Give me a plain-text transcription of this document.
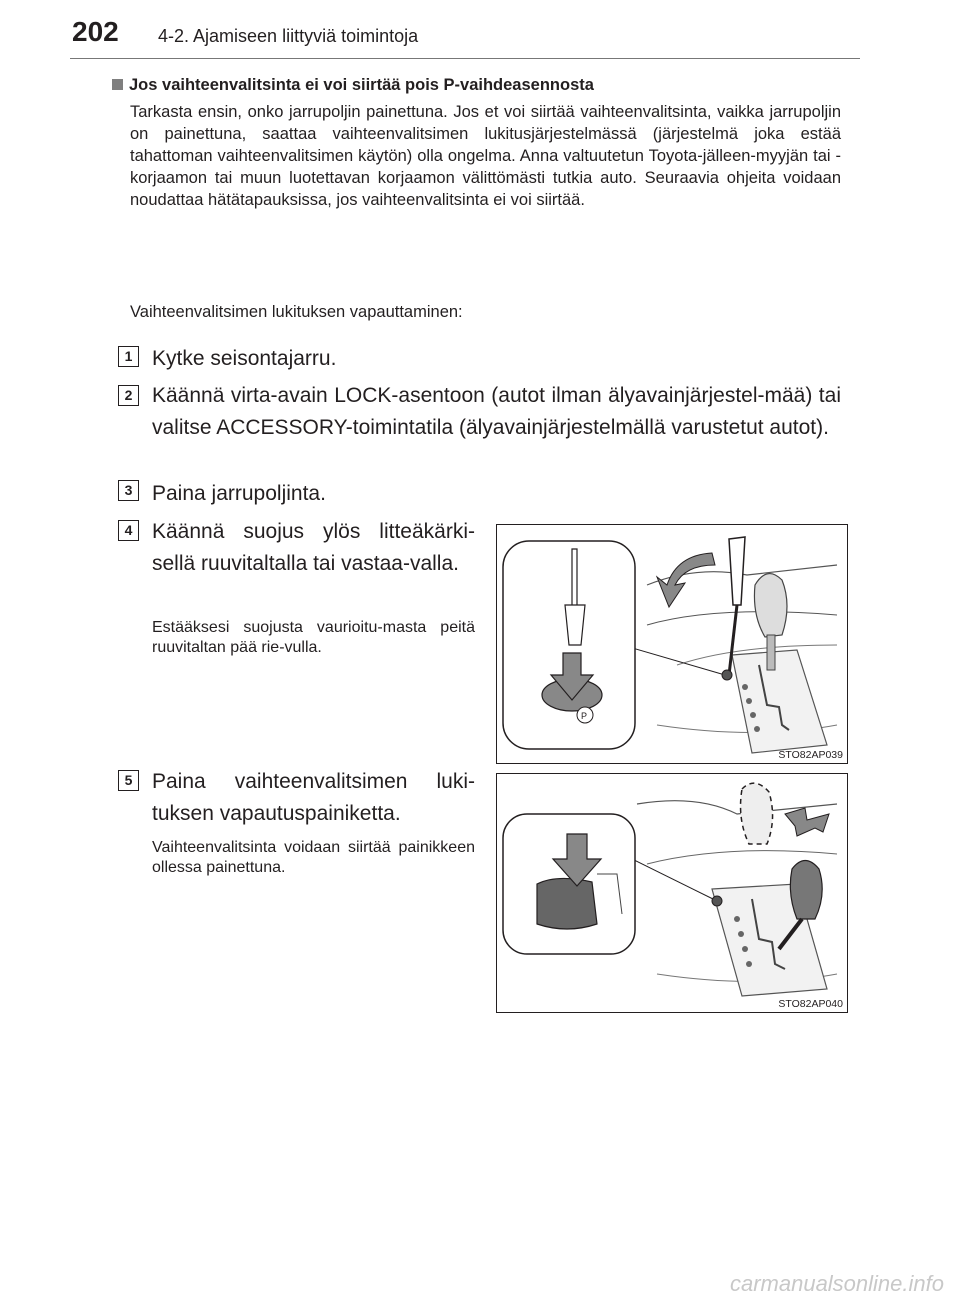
202 4-2. Ajamiseen liittyviä toimintoja
Jos vaihteenvalitsinta ei voi siirtää pois P-vaihdeasennosta
Tarkasta ensin, onko jarrupoljin painettuna. Jos et voi siirtää vaihteenvalitsinta, vaikka jarrupoljin on painettuna, saattaa vaihteenvalitsimen lukitusjärjestelmässä (järjestelmä joka estää tahattoman vaihteenvalitsimen käytön) olla ongelma. Anna valtuutetun Toyota-jälleen-myyjän tai -korjaamon tai muun luotettavan korjaamon välittömästi tutkia auto. Seuraavia ohjeita voidaan noudattaa hätätapauksissa, jos vaihteenvalitsinta ei voi siirtää.
Vaihteenvalitsimen lukituksen vapauttaminen:
1 Kytke seisontajarru.
2 Käännä virta-avain LOCK-asentoon (autot ilman älyavainjärjestel-mää) tai valitse ACCESSORY-toimintatila (älyavainjärjestelmällä varustetut autot).
3 Paina jarrupoljinta.
4 Käännä suojus ylös litteäkärki-sellä ruuvitaltalla tai vastaa-valla.
Estääksesi suojusta vaurioitu-masta peitä ruuvitaltan pää rie-vulla.
5 Paina vaihteenvalitsimen luki-tuksen vapautuspainiketta.
Vaihteenvalitsinta voidaan siirtää painikkeen ollessa painettuna.
P
STO82AP039
STO82AP040
carmanualsonline.info
